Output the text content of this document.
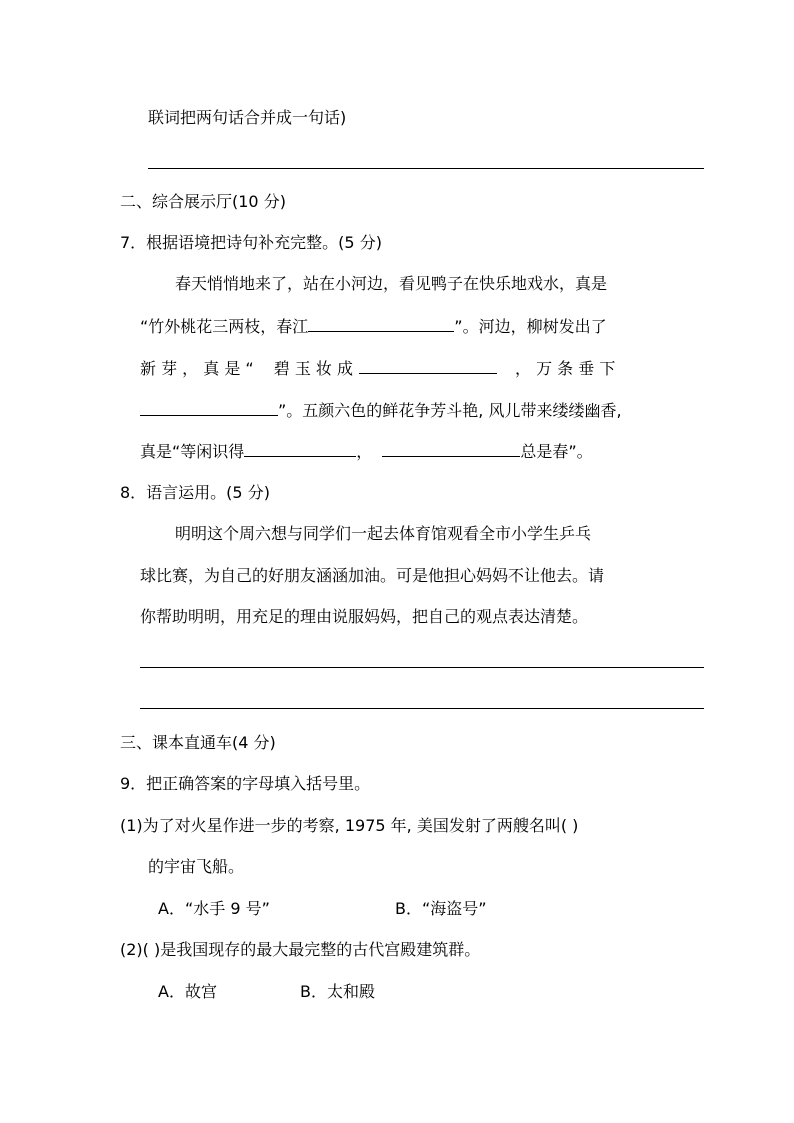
联词把两句话合并成一句话)
二、综合展示厅(10 分)
7．根据语境把诗句补充完整。(5 分)
春天悄悄地来了，站在小河边，看见鸭子在快乐地戏水，真是
“竹外桃花三两枝，春江	”。河边，柳树发出了
新 芽 ， 真 是 “ 碧 玉 妆 成	， 万 条 垂 下
”。五颜六色的鲜花争芳斗艳, 风儿带来缕缕幽香,
真是“等闲识得	，	总是春”。
8．语言运用。(5 分)
明明这个周六想与同学们一起去体育馆观看全市小学生乒乓
球比赛，为自己的好朋友涵涵加油。可是他担心妈妈不让他去。请
你帮助明明，用充足的理由说服妈妈，把自己的观点表达清楚。
三、课本直通车(4 分)
9．把正确答案的字母填入括号里。
(1)为了对火星作进一步的考察, 1975 年, 美国发射了两艘名叫( )
的宇宙飞船。
A．“水手 9 号”	B．“海盗号”
(2)( )是我国现存的最大最完整的古代宫殿建筑群。
A．故宫	B．太和殿
